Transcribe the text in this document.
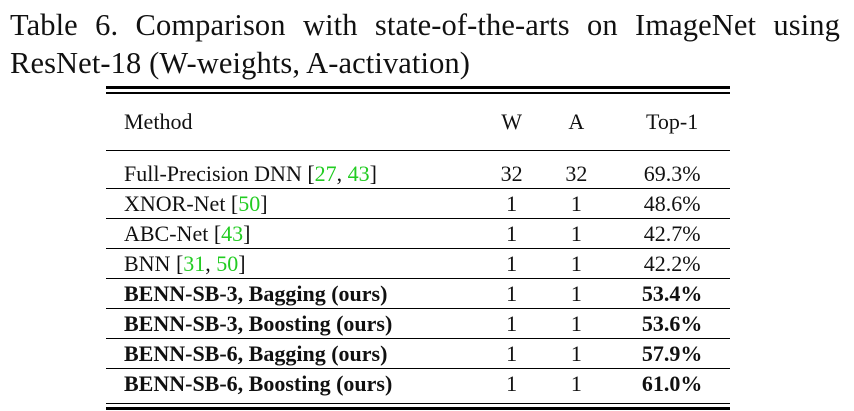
Table 6. Comparison with state-of-the-arts on ImageNet using
ResNet-18 (W-weights, A-activation)
Method	W	A	Top-1
Full-Precision DNN [27, 43]	32	32	69.3%
XNOR-Net [50]	1	1	48.6%
ABC-Net [43]	1	1	42.7%
BNN [31, 50]	1	1	42.2%
BENN-SB-3, Bagging (ours)	1	1	53.4%
BENN-SB-3, Boosting (ours)	1	1	53.6%
BENN-SB-6, Bagging (ours)	1	1	57.9%
BENN-SB-6, Boosting (ours)	1	1	61.0%
